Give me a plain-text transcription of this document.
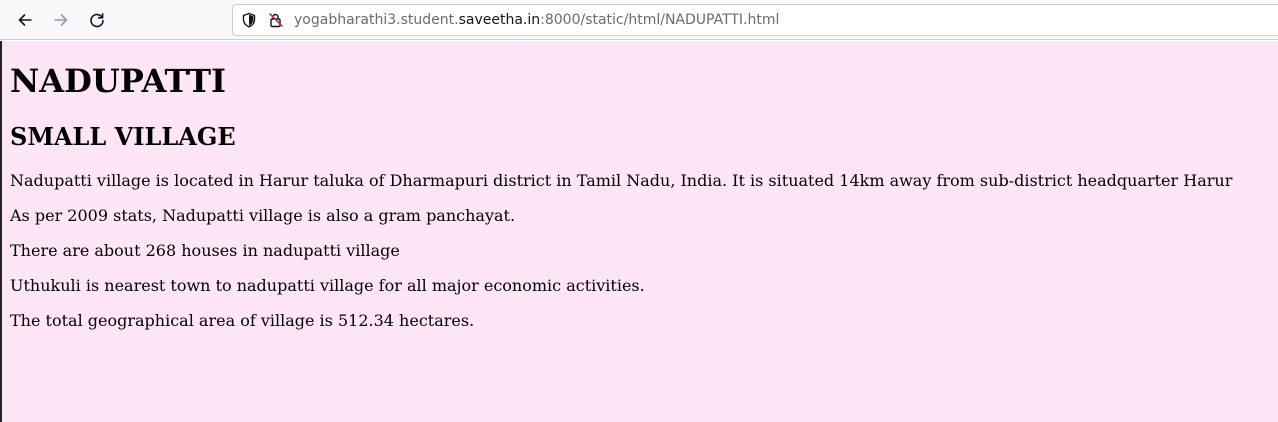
yogabharathi3.student.saveetha.in:8000/static/html/NADUPATTI.html
NADUPATTI
SMALL VILLAGE

Nadupatti village is located in Harur taluka of Dharmapuri district in Tamil Nadu, India. It is situated 14km away from sub-district headquarter Harur

As per 2009 stats, Nadupatti village is also a gram panchayat.

There are about 268 houses in nadupatti village

Uthukuli is nearest town to nadupatti village for all major economic activities.

The total geographical area of village is 512.34 hectares.
